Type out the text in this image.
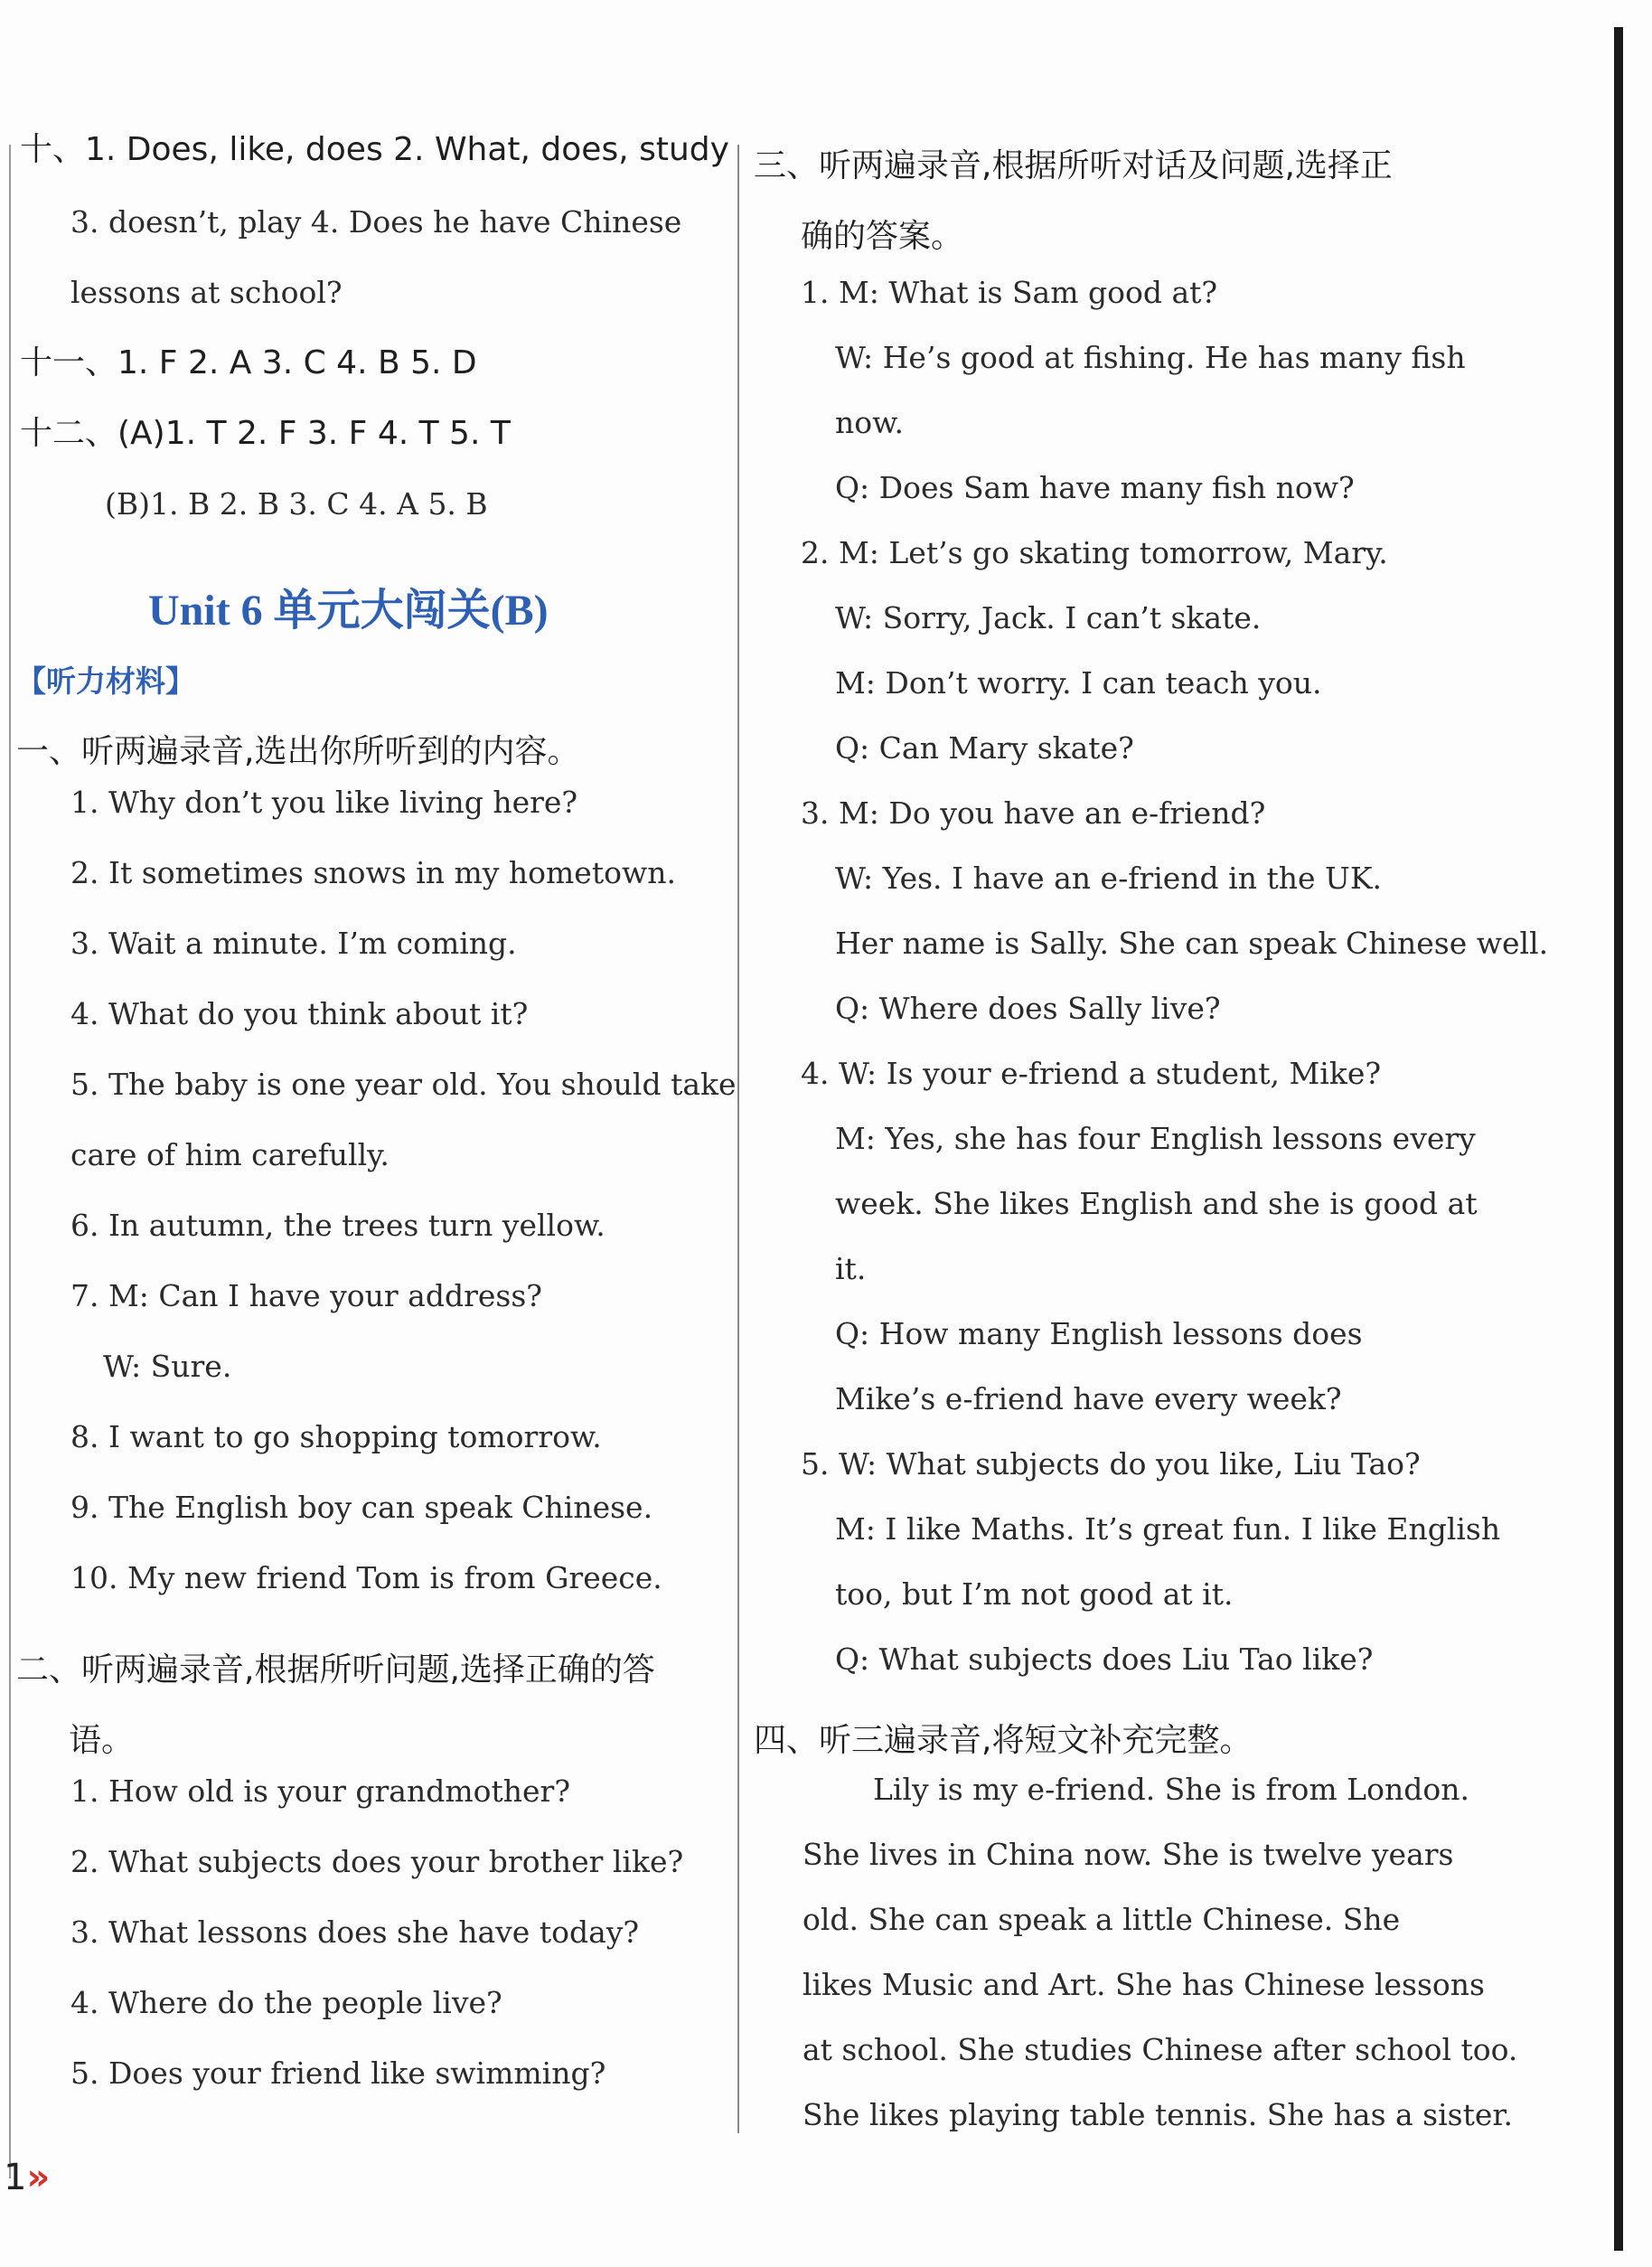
十、1. Does, like, does 2. What, does, study
3. doesn’t, play 4. Does he have Chinese
lessons at school?
十一、1. F 2. A 3. C 4. B 5. D
十二、(A)1. T 2. F 3. F 4. T 5. T
(B)1. B 2. B 3. C 4. A 5. B
Unit 6 单元大闯关(B)
【听力材料】
一、听两遍录音,选出你所听到的内容。
1. Why don’t you like living here?
2. It sometimes snows in my hometown.
3. Wait a minute. I’m coming.
4. What do you think about it?
5. The baby is one year old. You should take
care of him carefully.
6. In autumn, the trees turn yellow.
7. M: Can I have your address?
W: Sure.
8. I want to go shopping tomorrow.
9. The English boy can speak Chinese.
10. My new friend Tom is from Greece.
二、听两遍录音,根据所听问题,选择正确的答
语。
1. How old is your grandmother?
2. What subjects does your brother like?
3. What lessons does she have today?
4. Where do the people live?
5. Does your friend like swimming?
三、听两遍录音,根据所听对话及问题,选择正
确的答案。
1. M: What is Sam good at?
W: He’s good at fishing. He has many fish
now.
Q: Does Sam have many fish now?
2. M: Let’s go skating tomorrow, Mary.
W: Sorry, Jack. I can’t skate.
M: Don’t worry. I can teach you.
Q: Can Mary skate?
3. M: Do you have an e-friend?
W: Yes. I have an e-friend in the UK.
Her name is Sally. She can speak Chinese well.
Q: Where does Sally live?
4. W: Is your e-friend a student, Mike?
M: Yes, she has four English lessons every
week. She likes English and she is good at
it.
Q: How many English lessons does
Mike’s e-friend have every week?
5. W: What subjects do you like, Liu Tao?
M: I like Maths. It’s great fun. I like English
too, but I’m not good at it.
Q: What subjects does Liu Tao like?
四、听三遍录音,将短文补充完整。
Lily is my e-friend. She is from London.
She lives in China now. She is twelve years
old. She can speak a little Chinese. She
likes Music and Art. She has Chinese lessons
at school. She studies Chinese after school too.
She likes playing table tennis. She has a sister.
1»
